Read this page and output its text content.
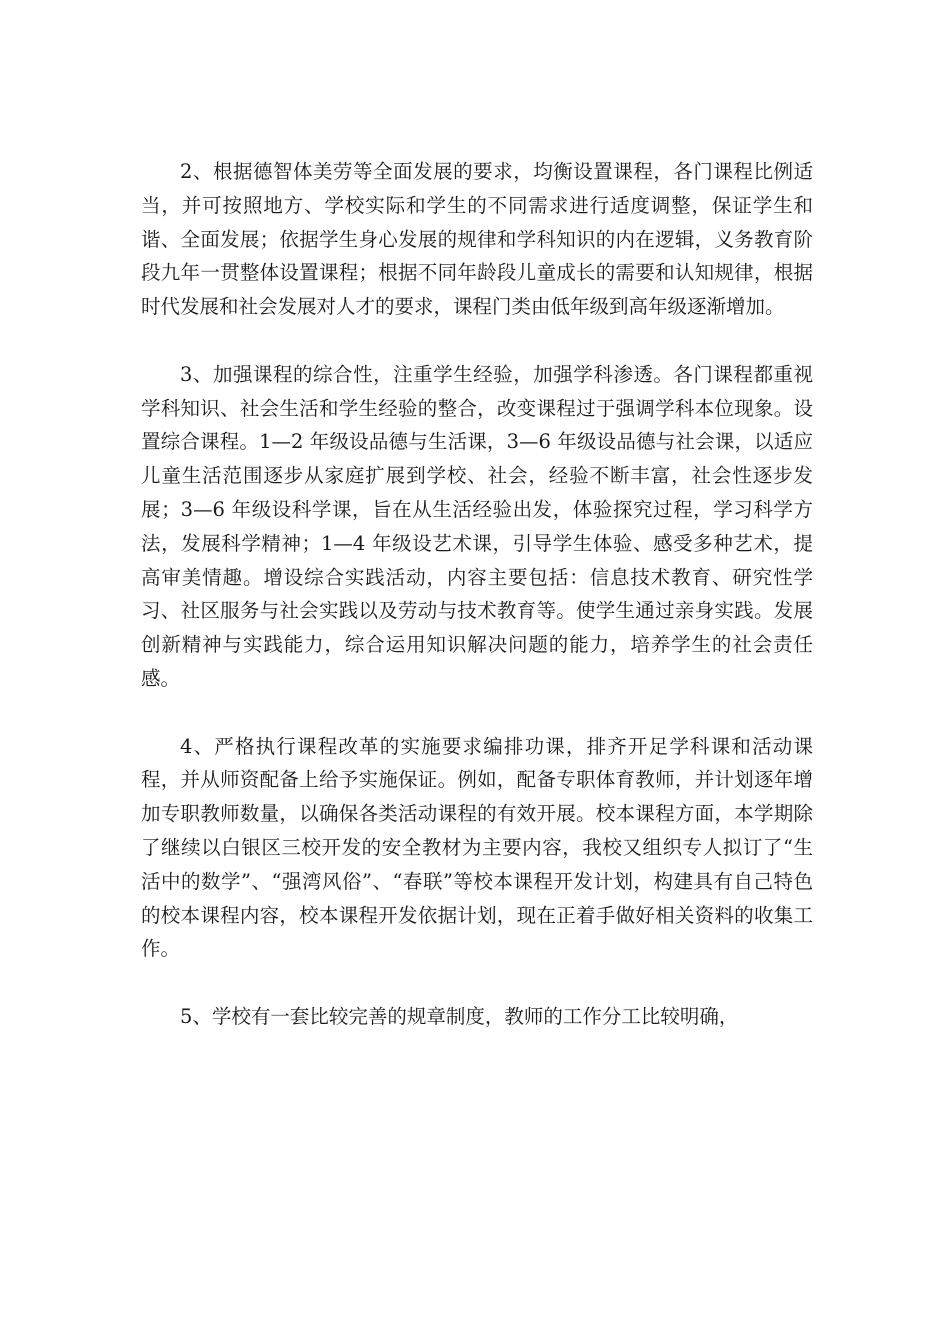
2、根据德智体美劳等全面发展的要求，均衡设置课程，各门课程比例适当，并可按照地方、学校实际和学生的不同需求进行适度调整，保证学生和谐、全面发展；依据学生身心发展的规律和学科知识的内在逻辑，义务教育阶段九年一贯整体设置课程；根据不同年龄段儿童成长的需要和认知规律，根据时代发展和社会发展对人才的要求，课程门类由低年级到高年级逐渐增加。

3、加强课程的综合性，注重学生经验，加强学科渗透。各门课程都重视学科知识、社会生活和学生经验的整合，改变课程过于强调学科本位现象。设置综合课程。1—2 年级设品德与生活课，3—6 年级设品德与社会课，以适应儿童生活范围逐步从家庭扩展到学校、社会，经验不断丰富，社会性逐步发展；3—6 年级设科学课，旨在从生活经验出发，体验探究过程，学习科学方法，发展科学精神；1—4 年级设艺术课，引导学生体验、感受多种艺术，提高审美情趣。增设综合实践活动，内容主要包括：信息技术教育、研究性学习、社区服务与社会实践以及劳动与技术教育等。使学生通过亲身实践。发展创新精神与实践能力，综合运用知识解决问题的能力，培养学生的社会责任感。

4、严格执行课程改革的实施要求编排功课，排齐开足学科课和活动课程，并从师资配备上给予实施保证。例如，配备专职体育教师，并计划逐年增加专职教师数量，以确保各类活动课程的有效开展。校本课程方面，本学期除了继续以白银区三校开发的安全教材为主要内容，我校又组织专人拟订了“生活中的数学”、“强湾风俗”、“春联”等校本课程开发计划，构建具有自己特色的校本课程内容，校本课程开发依据计划，现在正着手做好相关资料的收集工作。

5、学校有一套比较完善的规章制度，教师的工作分工比较明确，
